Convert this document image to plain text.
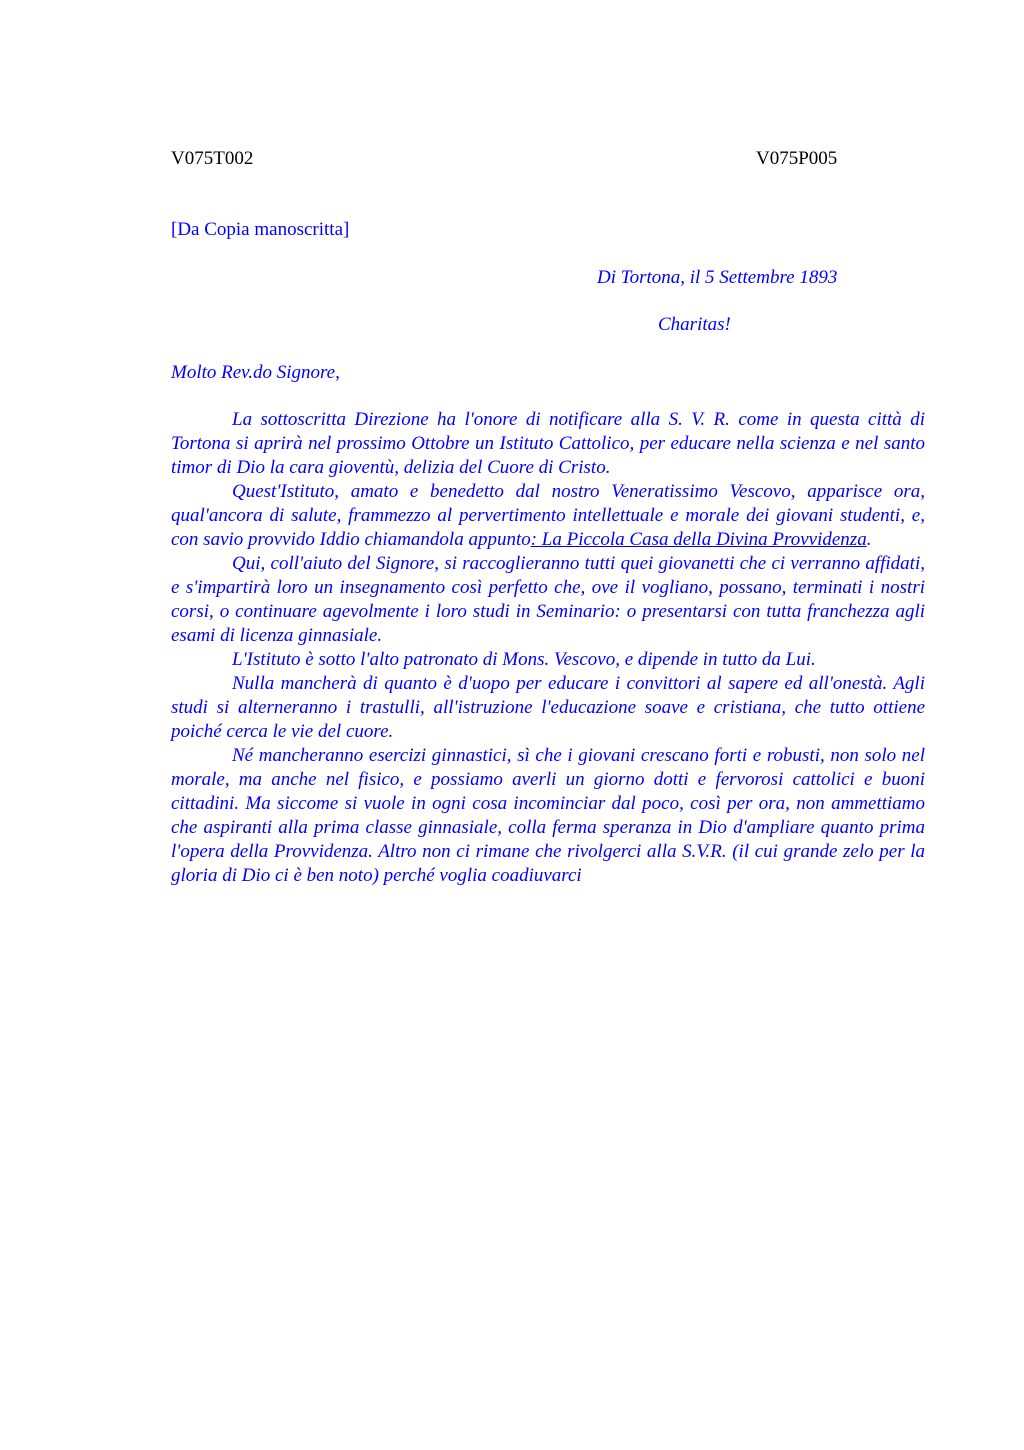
V075T002	V075P005
[Da Copia manoscritta]
Di Tortona, il 5 Settembre 1893
Charitas!
Molto Rev.do Signore,

La sottoscritta Direzione ha l'onore di notificare alla S. V. R. come in questa città di Tortona si aprirà nel prossimo Ottobre un Istituto Cattolico, per educare nella scienza e nel santo timor di Dio la cara gioventù, delizia del Cuore di Cristo.

Quest'Istituto, amato e benedetto dal nostro Veneratissimo Vescovo, apparisce ora, qual'ancora di salute, frammezzo al pervertimento intellettuale e morale dei giovani studenti, e, con savio provvido Iddio chiamandola appunto: La Piccola Casa della Divina Provvidenza.

Qui, coll'aiuto del Signore, si raccoglieranno tutti quei giovanetti che ci verranno affidati, e s'impartirà loro un insegnamento così perfetto che, ove il vogliano, possano, terminati i nostri corsi, o continuare agevolmente i loro studi in Seminario: o presentarsi con tutta franchezza agli esami di licenza ginnasiale.

L'Istituto è sotto l'alto patronato di Mons. Vescovo, e dipende in tutto da Lui.

Nulla mancherà di quanto è d'uopo per educare i convittori al sapere ed all'onestà. Agli studi si alterneranno i trastulli, all'istruzione l'educazione soave e cristiana, che tutto ottiene poiché cerca le vie del cuore.

Né mancheranno esercizi ginnastici, sì che i giovani crescano forti e robusti, non solo nel morale, ma anche nel fisico, e possiamo averli un giorno dotti e fervorosi cattolici e buoni cittadini. Ma siccome si vuole in ogni cosa incominciar dal poco, così per ora, non ammettiamo che aspiranti alla prima classe ginnasiale, colla ferma speranza in Dio d'ampliare quanto prima l'opera della Provvidenza. Altro non ci rimane che rivolgerci alla S.V.R. (il cui grande zelo per la gloria di Dio ci è ben noto) perché voglia coadiuvarci
